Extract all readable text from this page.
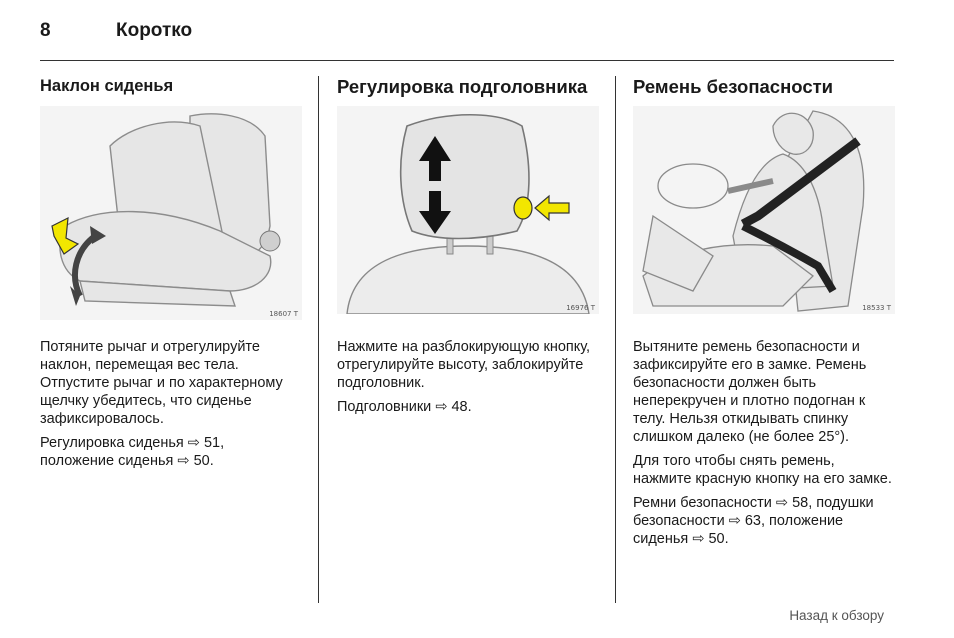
8	Коротко
Наклон сиденья
18607 T

Потяните рычаг и отрегулируйте наклон, перемещая вес тела. Отпустите рычаг и по характерному щелчку убедитесь, что сиденье зафиксировалось.

Регулировка сиденья ⇨ 51, положение сиденья ⇨ 50.

Регулировка подголовника
16976 T

Нажмите на разблокирующую кнопку, отрегулируйте высоту, заблокируйте подголовник.

Подголовники ⇨ 48.

Ремень безопасности
18533 T

Вытяните ремень безопасности и зафиксируйте его в замке. Ремень безопасности должен быть неперекручен и плотно подогнан к телу. Нельзя откидывать спинку слишком далеко (не более 25°).

Для того чтобы снять ремень, нажмите красную кнопку на его замке.

Ремни безопасности ⇨ 58, подушки безопасности ⇨ 63, положение сиденья ⇨ 50.

Назад к обзору
